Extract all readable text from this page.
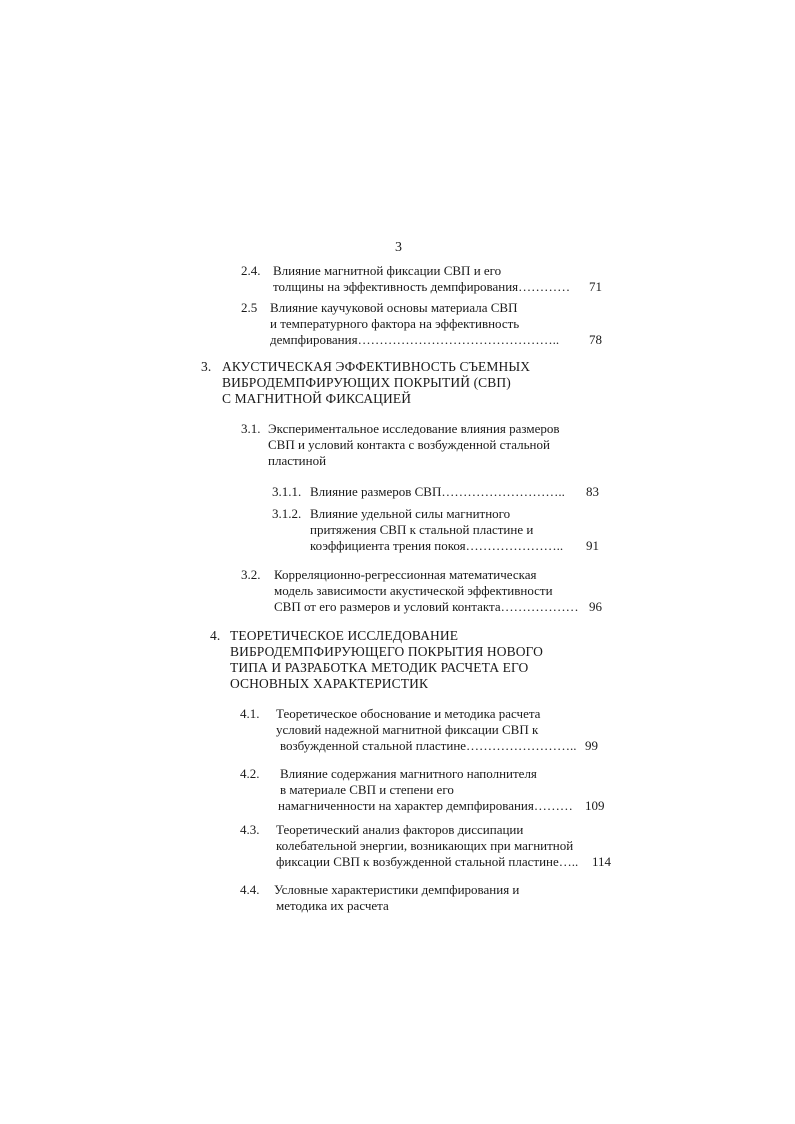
3
2.4. Влияние магнитной фиксации СВП и его
толщины на эффективность демпфирования………… 71
2.5 Влияние каучуковой основы материала СВП
и температурного фактора на эффективность
демпфирования……………………………………….. 78
3. АКУСТИЧЕСКАЯ ЭФФЕКТИВНОСТЬ СЪЕМНЫХ
ВИБРОДЕМПФИРУЮЩИХ ПОКРЫТИЙ (СВП)
С МАГНИТНОЙ ФИКСАЦИЕЙ
3.1. Экспериментальное исследование влияния размеров
СВП и условий контакта с возбужденной стальной
пластиной
3.1.1. Влияние размеров СВП……………………….. 83
3.1.2. Влияние удельной силы магнитного
притяжения СВП к стальной пластине и
коэффициента трения покоя………………….. 91
3.2. Корреляционно-регрессионная математическая
модель зависимости акустической эффективности
СВП от его размеров и условий контакта……………… 96
4. ТЕОРЕТИЧЕСКОЕ ИССЛЕДОВАНИЕ
ВИБРОДЕМПФИРУЮЩЕГО ПОКРЫТИЯ НОВОГО
ТИПА И РАЗРАБОТКА МЕТОДИК РАСЧЕТА ЕГО
ОСНОВНЫХ ХАРАКТЕРИСТИК
4.1. Теоретическое обоснование и методика расчета
условий надежной магнитной фиксации СВП к
возбужденной стальной пластине…………………….. 99
4.2. Влияние содержания магнитного наполнителя
в материале СВП и степени его
намагниченности на характер демпфирования……… 109
4.3. Теоретический анализ факторов диссипации
колебательной энергии, возникающих при магнитной
фиксации СВП к возбужденной стальной пластине….. 114
4.4. Условные характеристики демпфирования и
методика их расчета
